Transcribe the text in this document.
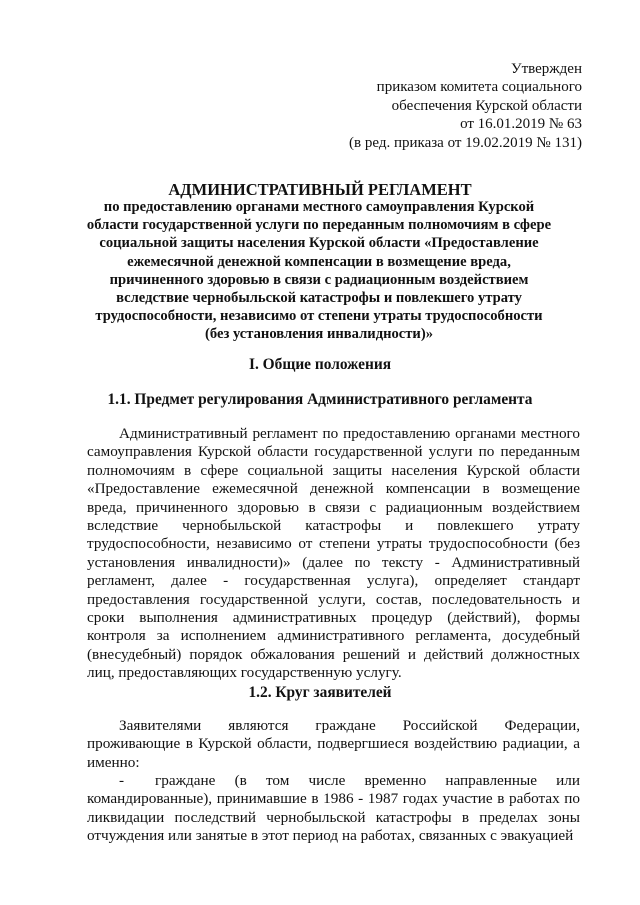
Утвержден
приказом комитета социального
обеспечения Курской области
от 16.01.2019 № 63
(в ред. приказа от 19.02.2019 № 131)
АДМИНИСТРАТИВНЫЙ РЕГЛАМЕНТ
по предоставлению органами местного самоуправления Курской области государственной услуги по переданным полномочиям в сфере социальной защиты населения Курской области «Предоставление ежемесячной денежной компенсации в возмещение вреда, причиненного здоровью в связи с радиационным воздействием вследствие чернобыльской катастрофы и повлекшего утрату трудоспособности, независимо от степени утраты трудоспособности (без установления инвалидности)»
I. Общие положения
1.1. Предмет регулирования Административного регламента
Административный регламент по предоставлению органами местного самоуправления Курской области государственной услуги по переданным полномочиям в сфере социальной защиты населения Курской области «Предоставление ежемесячной денежной компенсации в возмещение вреда, причиненного здоровью в связи с радиационным воздействием вследствие чернобыльской катастрофы и повлекшего утрату трудоспособности, независимо от степени утраты трудоспособности (без установления инвалидности)» (далее по тексту - Административный регламент, далее - государственная услуга), определяет стандарт предоставления государственной услуги, состав, последовательность и сроки выполнения административных процедур (действий), формы контроля за исполнением административного регламента, досудебный (внесудебный) порядок обжалования решений и действий должностных лиц, предоставляющих государственную услугу.
1.2. Круг заявителей
Заявителями являются граждане Российской Федерации, проживающие в Курской области, подвергшиеся воздействию радиации, а именно:
- граждане (в том числе временно направленные или командированные), принимавшие в 1986 - 1987 годах участие в работах по ликвидации последствий чернобыльской катастрофы в пределах зоны отчуждения или занятые в этот период на работах, связанных с эвакуацией
